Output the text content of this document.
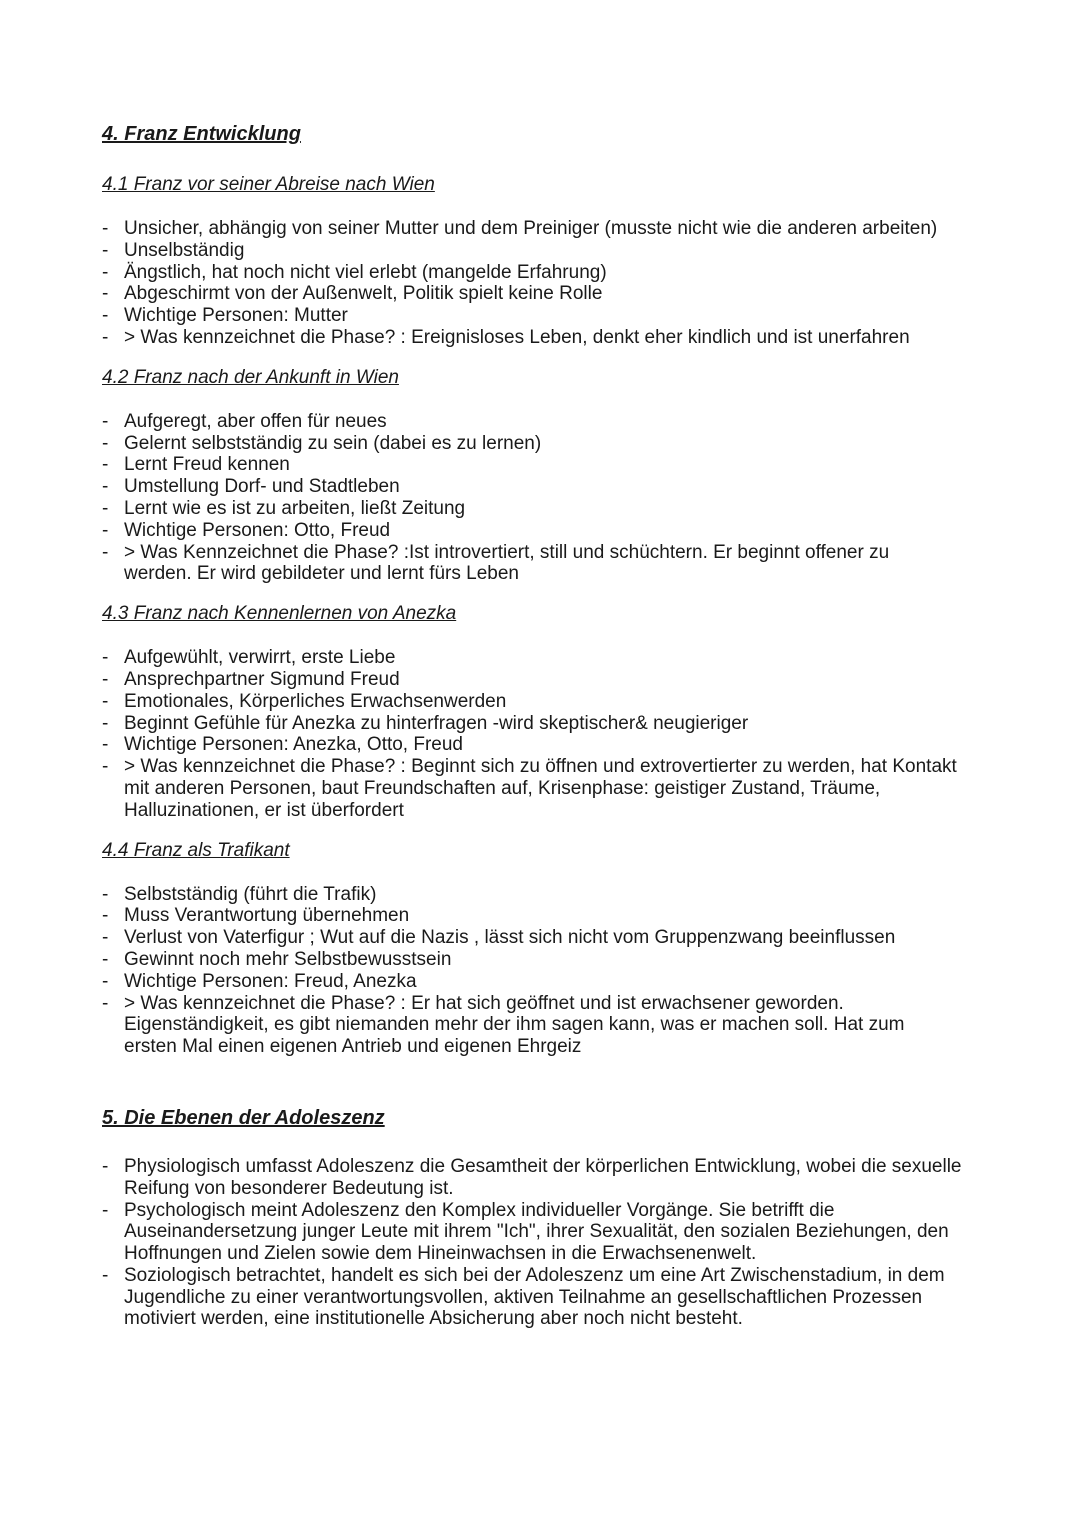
4. Franz Entwicklung
4.1 Franz vor seiner Abreise nach Wien
- Unsicher, abhängig von seiner Mutter und dem Preiniger (musste nicht wie die anderen arbeiten)
- Unselbständig
- Ängstlich, hat noch nicht viel erlebt (mangelde Erfahrung)
- Abgeschirmt von der Außenwelt, Politik spielt keine Rolle
- Wichtige Personen: Mutter
- > Was kennzeichnet die Phase? : Ereignisloses Leben, denkt eher kindlich und ist unerfahren
4.2 Franz nach der Ankunft in Wien
- Aufgeregt, aber offen für neues
- Gelernt selbstständig zu sein (dabei es zu lernen)
- Lernt Freud kennen
- Umstellung Dorf- und Stadtleben
- Lernt wie es ist zu arbeiten, ließt Zeitung
- Wichtige Personen: Otto, Freud
- > Was Kennzeichnet die Phase? :Ist introvertiert, still und schüchtern. Er beginnt offener zu werden. Er wird gebildeter und lernt fürs Leben
4.3 Franz nach Kennenlernen von Anezka
- Aufgewühlt, verwirrt, erste Liebe
- Ansprechpartner Sigmund Freud
- Emotionales, Körperliches Erwachsenwerden
- Beginnt Gefühle für Anezka zu hinterfragen -wird skeptischer& neugieriger
- Wichtige Personen: Anezka, Otto, Freud
- > Was kennzeichnet die Phase? : Beginnt sich zu öffnen und extrovertierter zu werden, hat Kontakt mit anderen Personen, baut Freundschaften auf, Krisenphase: geistiger Zustand, Träume, Halluzinationen, er ist überfordert
4.4 Franz als Trafikant
- Selbstständig (führt die Trafik)
- Muss Verantwortung übernehmen
- Verlust von Vaterfigur ; Wut auf die Nazis , lässt sich nicht vom Gruppenzwang beeinflussen
- Gewinnt noch mehr Selbstbewusstsein
- Wichtige Personen: Freud, Anezka
- > Was kennzeichnet die Phase? : Er hat sich geöffnet und ist erwachsener geworden. Eigenständigkeit, es gibt niemanden mehr der ihm sagen kann, was er machen soll. Hat zum ersten Mal einen eigenen Antrieb und eigenen Ehrgeiz
5. Die Ebenen der Adoleszenz
- Physiologisch umfasst Adoleszenz die Gesamtheit der körperlichen Entwicklung, wobei die sexuelle Reifung von besonderer Bedeutung ist.
- Psychologisch meint Adoleszenz den Komplex individueller Vorgänge. Sie betrifft die Auseinandersetzung junger Leute mit ihrem "Ich", ihrer Sexualität, den sozialen Beziehungen, den Hoffnungen und Zielen sowie dem Hineinwachsen in die Erwachsenenwelt.
- Soziologisch betrachtet, handelt es sich bei der Adoleszenz um eine Art Zwischenstadium, in dem Jugendliche zu einer verantwortungsvollen, aktiven Teilnahme an gesellschaftlichen Prozessen motiviert werden, eine institutionelle Absicherung aber noch nicht besteht.
